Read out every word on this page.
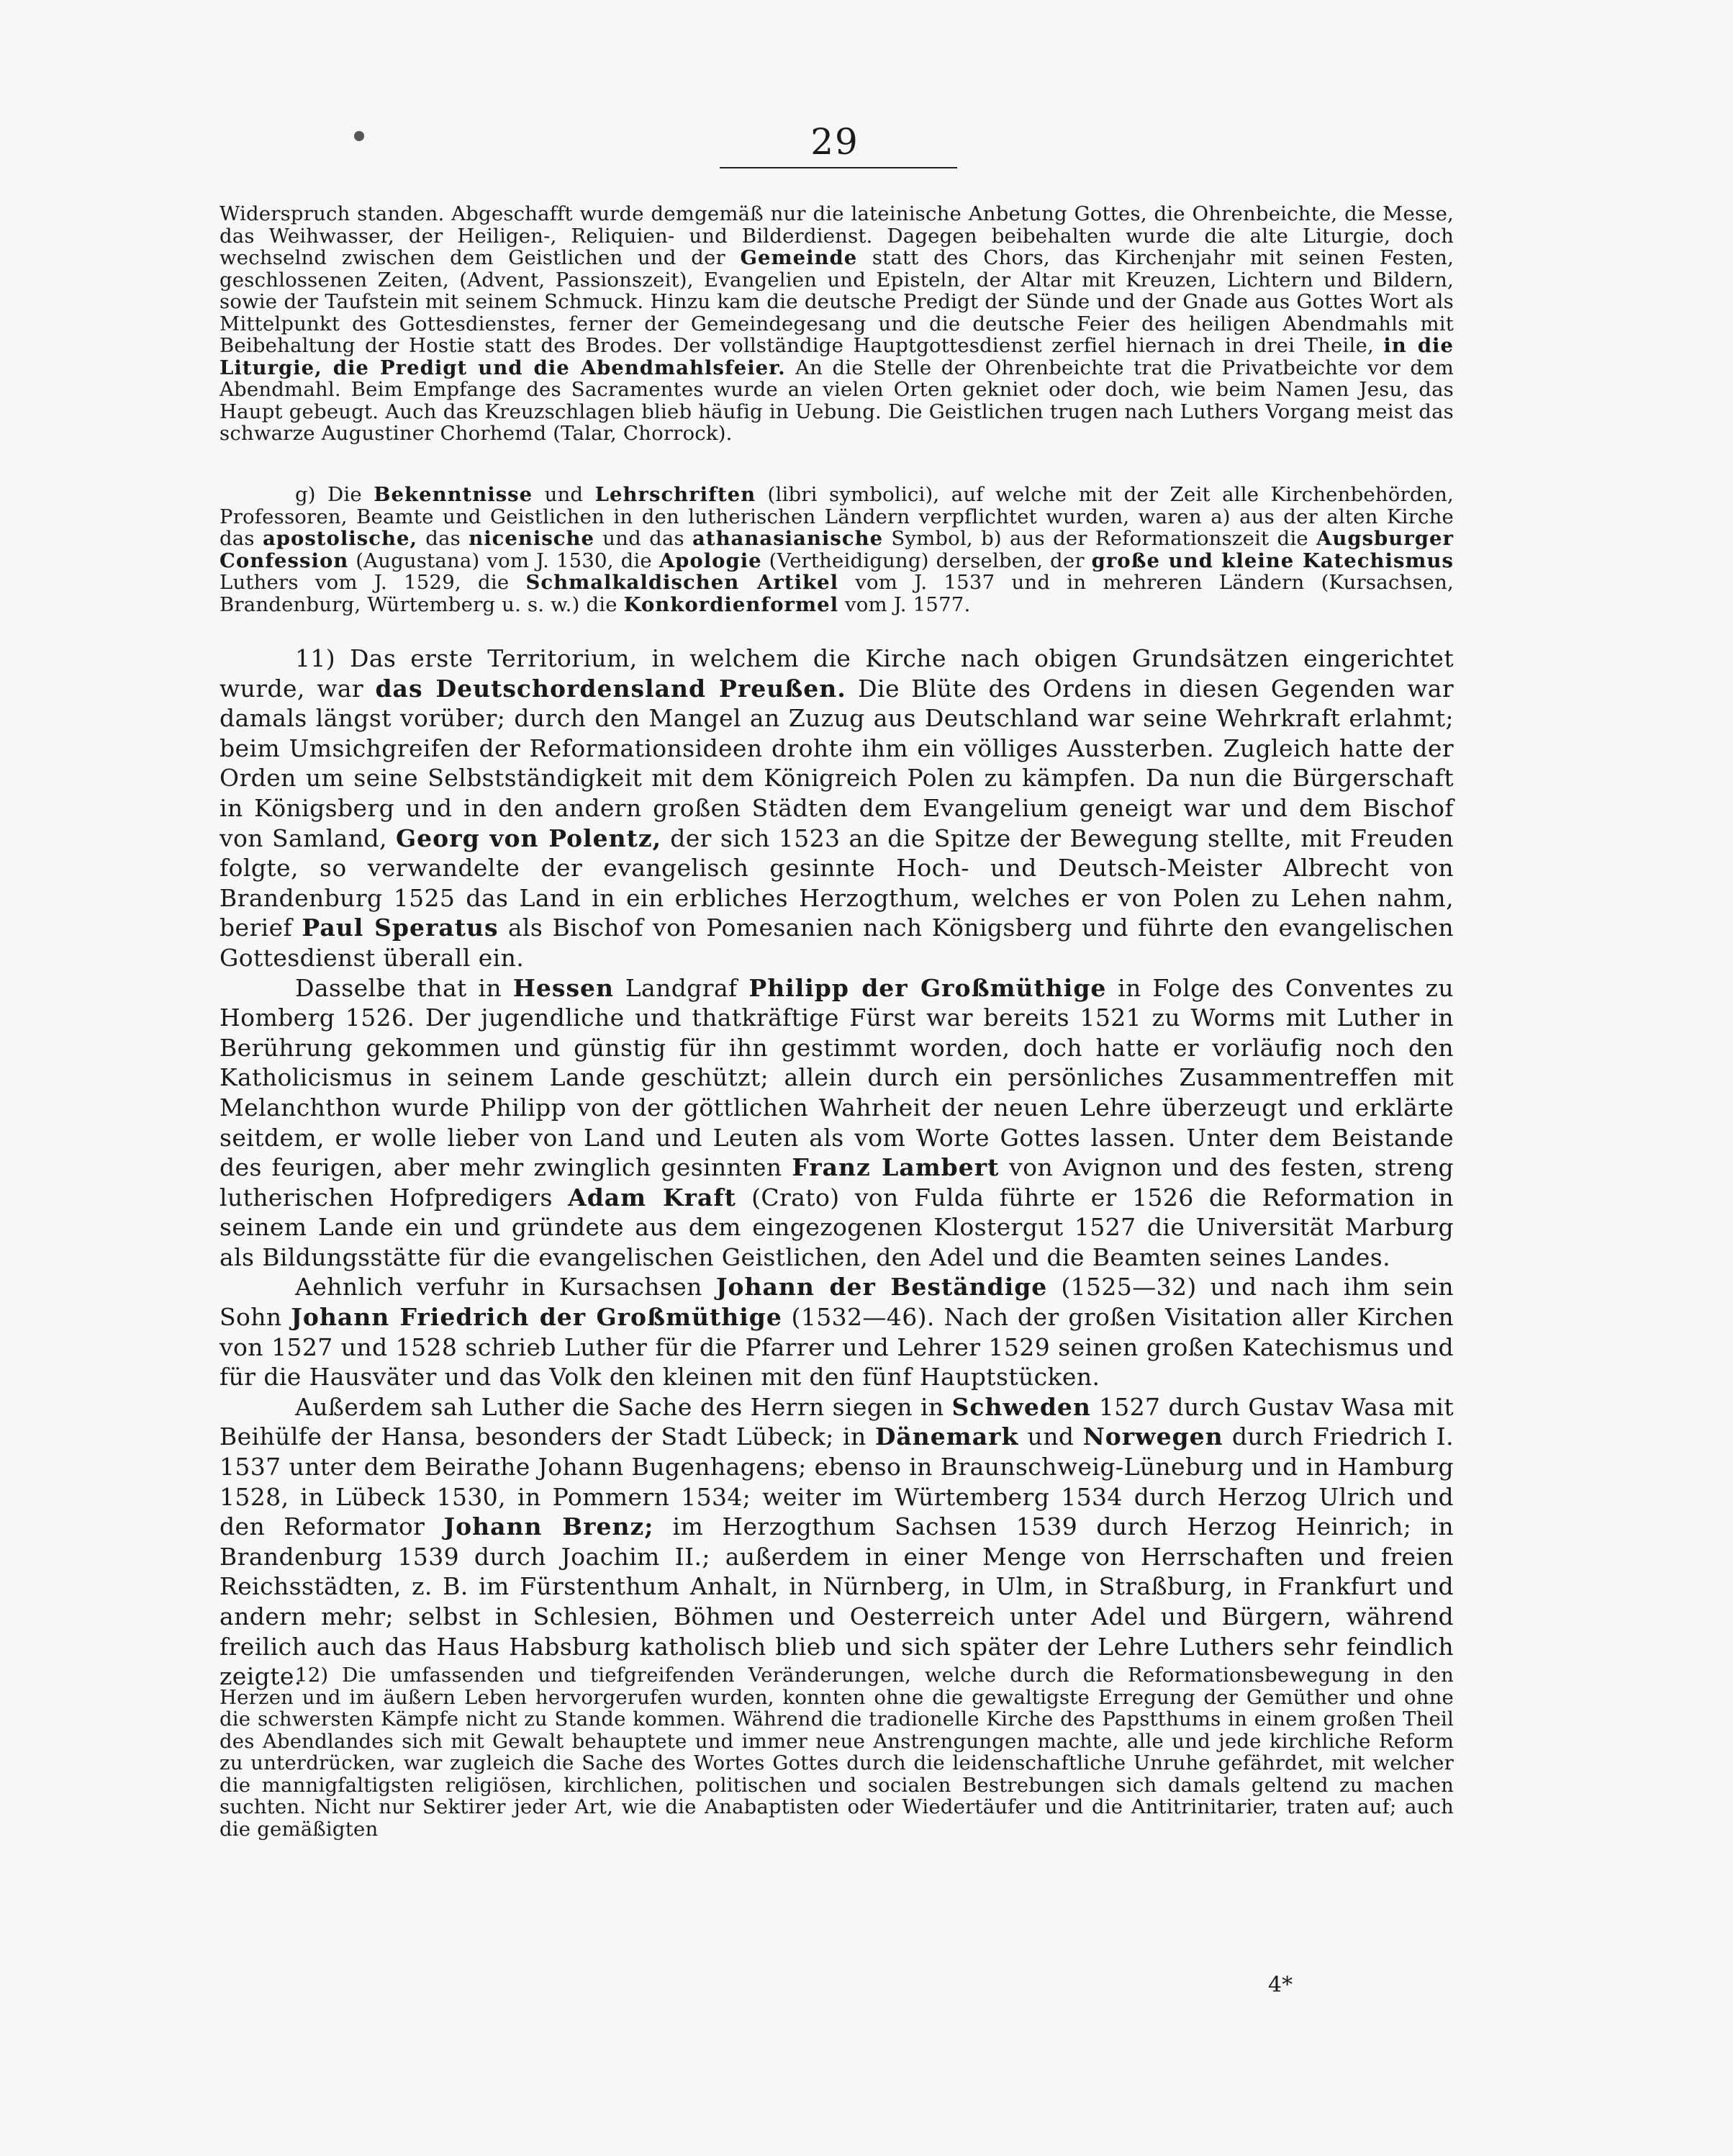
29

Widerspruch standen. Abgeschafft wurde demgemäß nur die lateinische Anbetung Gottes, die Ohrenbeichte, die Messe, das Weihwasser, der Heiligen-, Reliquien- und Bilderdienst. Dagegen beibehalten wurde die alte Liturgie, doch wechselnd zwischen dem Geistlichen und der Gemeinde statt des Chors, das Kirchenjahr mit seinen Festen, geschlossenen Zeiten, (Advent, Passionszeit), Evangelien und Episteln, der Altar mit Kreuzen, Lichtern und Bildern, sowie der Taufstein mit seinem Schmuck. Hinzu kam die deutsche Predigt der Sünde und der Gnade aus Gottes Wort als Mittelpunkt des Gottesdienstes, ferner der Gemeindegesang und die deutsche Feier des heiligen Abendmahls mit Beibehaltung der Hostie statt des Brodes. Der vollständige Hauptgottesdienst zerfiel hiernach in drei Theile, in die Liturgie, die Predigt und die Abendmahlsfeier. An die Stelle der Ohrenbeichte trat die Privatbeichte vor dem Abendmahl. Beim Empfange des Sacramentes wurde an vielen Orten gekniet oder doch, wie beim Namen Jesu, das Haupt gebeugt. Auch das Kreuzschlagen blieb häufig in Uebung. Die Geistlichen trugen nach Luthers Vorgang meist das schwarze Augustiner Chorhemd (Talar, Chorrock).

g) Die Bekenntnisse und Lehrschriften (libri symbolici), auf welche mit der Zeit alle Kirchenbehörden, Professoren, Beamte und Geistlichen in den lutherischen Ländern verpflichtet wurden, waren a) aus der alten Kirche das apostolische, das nicenische und das athanasianische Symbol, b) aus der Reformationszeit die Augsburger Confession (Augustana) vom J. 1530, die Apologie (Vertheidigung) derselben, der große und kleine Katechismus Luthers vom J. 1529, die Schmalkaldischen Artikel vom J. 1537 und in mehreren Ländern (Kursachsen, Brandenburg, Würtemberg u. s. w.) die Konkordienformel vom J. 1577.

11) Das erste Territorium, in welchem die Kirche nach obigen Grundsätzen eingerichtet wurde, war das Deutschordensland Preußen. Die Blüte des Ordens in diesen Gegenden war damals längst vorüber; durch den Mangel an Zuzug aus Deutschland war seine Wehrkraft erlahmt; beim Umsichgreifen der Reformationsideen drohte ihm ein völliges Aussterben. Zugleich hatte der Orden um seine Selbstständigkeit mit dem Königreich Polen zu kämpfen. Da nun die Bürgerschaft in Königsberg und in den andern großen Städten dem Evangelium geneigt war und dem Bischof von Samland, Georg von Polentz, der sich 1523 an die Spitze der Bewegung stellte, mit Freuden folgte, so verwandelte der evangelisch gesinnte Hoch- und Deutsch-Meister Albrecht von Brandenburg 1525 das Land in ein erbliches Herzogthum, welches er von Polen zu Lehen nahm, berief Paul Speratus als Bischof von Pomesanien nach Königsberg und führte den evangelischen Gottesdienst überall ein.

Dasselbe that in Hessen Landgraf Philipp der Großmüthige in Folge des Conventes zu Homberg 1526. Der jugendliche und thatkräftige Fürst war bereits 1521 zu Worms mit Luther in Berührung gekommen und günstig für ihn gestimmt worden, doch hatte er vorläufig noch den Katholicismus in seinem Lande geschützt; allein durch ein persönliches Zusammentreffen mit Melanchthon wurde Philipp von der göttlichen Wahrheit der neuen Lehre überzeugt und erklärte seitdem, er wolle lieber von Land und Leuten als vom Worte Gottes lassen. Unter dem Beistande des feurigen, aber mehr zwinglich gesinnten Franz Lambert von Avignon und des festen, streng lutherischen Hofpredigers Adam Kraft (Crato) von Fulda führte er 1526 die Reformation in seinem Lande ein und gründete aus dem eingezogenen Klostergut 1527 die Universität Marburg als Bildungsstätte für die evangelischen Geistlichen, den Adel und die Beamten seines Landes.

Aehnlich verfuhr in Kursachsen Johann der Beständige (1525—32) und nach ihm sein Sohn Johann Friedrich der Großmüthige (1532—46). Nach der großen Visitation aller Kirchen von 1527 und 1528 schrieb Luther für die Pfarrer und Lehrer 1529 seinen großen Katechismus und für die Hausväter und das Volk den kleinen mit den fünf Hauptstücken.

Außerdem sah Luther die Sache des Herrn siegen in Schweden 1527 durch Gustav Wasa mit Beihülfe der Hansa, besonders der Stadt Lübeck; in Dänemark und Norwegen durch Friedrich I. 1537 unter dem Beirathe Johann Bugenhagens; ebenso in Braunschweig-Lüneburg und in Hamburg 1528, in Lübeck 1530, in Pommern 1534; weiter im Würtemberg 1534 durch Herzog Ulrich und den Reformator Johann Brenz; im Herzogthum Sachsen 1539 durch Herzog Heinrich; in Brandenburg 1539 durch Joachim II.; außerdem in einer Menge von Herrschaften und freien Reichsstädten, z. B. im Fürstenthum Anhalt, in Nürnberg, in Ulm, in Straßburg, in Frankfurt und andern mehr; selbst in Schlesien, Böhmen und Oesterreich unter Adel und Bürgern, während freilich auch das Haus Habsburg katholisch blieb und sich später der Lehre Luthers sehr feindlich zeigte.

12) Die umfassenden und tiefgreifenden Veränderungen, welche durch die Reformationsbewegung in den Herzen und im äußern Leben hervorgerufen wurden, konnten ohne die gewaltigste Erregung der Gemüther und ohne die schwersten Kämpfe nicht zu Stande kommen. Während die tradionelle Kirche des Papstthums in einem großen Theil des Abendlandes sich mit Gewalt behauptete und immer neue Anstrengungen machte, alle und jede kirchliche Reform zu unterdrücken, war zugleich die Sache des Wortes Gottes durch die leidenschaftliche Unruhe gefährdet, mit welcher die mannigfaltigsten religiösen, kirchlichen, politischen und socialen Bestrebungen sich damals geltend zu machen suchten. Nicht nur Sektirer jeder Art, wie die Anabaptisten oder Wiedertäufer und die Antitrinitarier, traten auf; auch die gemäßigten

4*
